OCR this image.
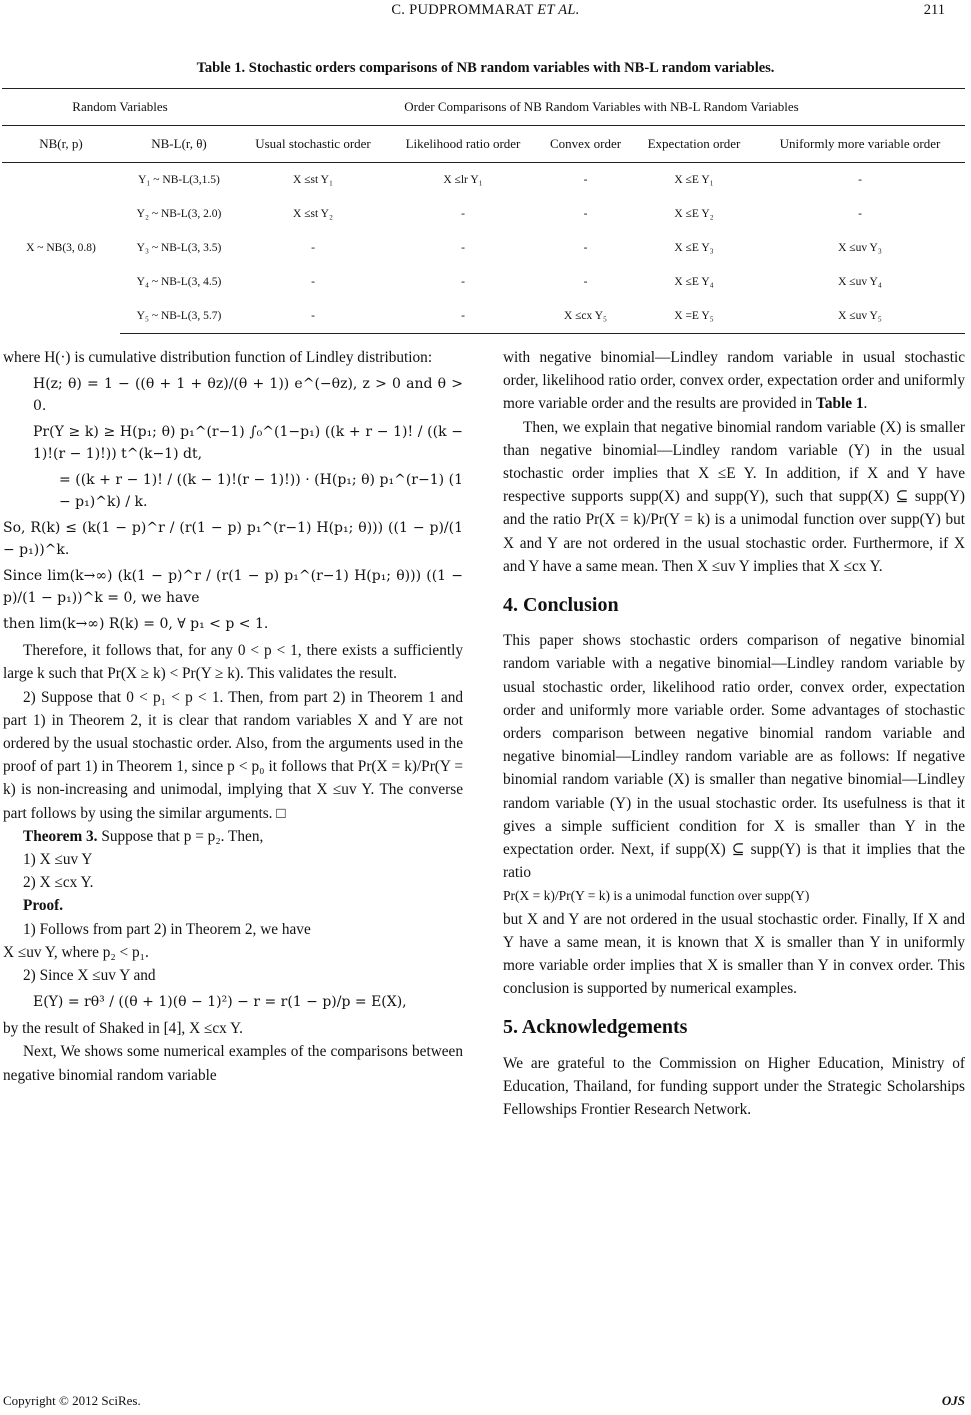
C. PUDPROMMARAT ET AL.	211
Table 1. Stochastic orders comparisons of NB random variables with NB-L random variables.
Random Variables		Order Comparisons of NB Random Variables with NB-L Random Variables				
NB(r, p)	NB-L(r, θ)	Usual stochastic order	Likelihood ratio order	Convex order	Expectation order	Uniformly more variable order
X ~ NB(3, 0.8)	Y₁ ~ NB-L(3,1.5)	X ≤st Y₁	X ≤lr Y₁	-	X ≤E Y₁	-
	Y₂ ~ NB-L(3, 2.0)	X ≤st Y₂	-	-	X ≤E Y₂	-
	Y₃ ~ NB-L(3, 3.5)	-	-	-	X ≤E Y₃	X ≤uv Y₃
	Y₄ ~ NB-L(3, 4.5)	-	-	-	X ≤E Y₄	X ≤uv Y₄
	Y₅ ~ NB-L(3, 5.7)	-	-	X ≤cx Y₅	X =E Y₅	X ≤uv Y₅

where H(·) is cumulative distribution function of Lindley distribution:

H(z; θ) = 1 − ((θ + 1 + θz)/(θ + 1)) e^(−θz), z > 0 and θ > 0.
Pr(Y ≥ k) ≥ H(p₁; θ) p₁^(r−1) ∫₀^(1−p₁) ((k + r − 1)! / ((k − 1)!(r − 1)!)) t^(k−1) dt,
= ((k + r − 1)! / ((k − 1)!(r − 1)!)) · (H(p₁; θ) p₁^(r−1) (1 − p₁)^k) / k.
So, R(k) ≤ (k(1 − p)^r / (r(1 − p) p₁^(r−1) H(p₁; θ))) ((1 − p)/(1 − p₁))^k.
Since lim(k→∞) (k(1 − p)^r / (r(1 − p) p₁^(r−1) H(p₁; θ))) ((1 − p)/(1 − p₁))^k = 0, we have
then lim(k→∞) R(k) = 0, ∀ p₁ < p < 1.

Therefore, it follows that, for any 0 < p < 1, there exists a sufficiently large k such that Pr(X ≥ k) < Pr(Y ≥ k). This validates the result.

2) Suppose that 0 < p₁ < p < 1. Then, from part 2) in Theorem 1 and part 1) in Theorem 2, it is clear that random variables X and Y are not ordered by the usual stochastic order. Also, from the arguments used in the proof of part 1) in Theorem 1, since p < p₀ it follows that Pr(X = k)/Pr(Y = k) is non-increasing and unimodal, implying that X ≤uv Y. The converse part follows by using the similar arguments. □

Theorem 3. Suppose that p = p₂. Then,

1) X ≤uv Y

2) X ≤cx Y.

Proof.

1) Follows from part 2) in Theorem 2, we have

X ≤uv Y, where p₂ < p₁.

2) Since X ≤uv Y and

E(Y) = rθ³ / ((θ + 1)(θ − 1)²) − r = r(1 − p)/p = E(X),

by the result of Shaked in [4], X ≤cx Y.

Next, We shows some numerical examples of the comparisons between negative binomial random variable

with negative binomial—Lindley random variable in usual stochastic order, likelihood ratio order, convex order, expectation order and uniformly more variable order and the results are provided in Table 1.

Then, we explain that negative binomial random variable (X) is smaller than negative binomial—Lindley random variable (Y) in the usual stochastic order implies that X ≤E Y. In addition, if X and Y have respective supports supp(X) and supp(Y), such that supp(X) ⊆ supp(Y) and the ratio Pr(X = k)/Pr(Y = k) is a unimodal function over supp(Y) but X and Y are not ordered in the usual stochastic order. Furthermore, if X and Y have a same mean. Then X ≤uv Y implies that X ≤cx Y.

4. Conclusion

This paper shows stochastic orders comparison of negative binomial random variable with a negative binomial—Lindley random variable by usual stochastic order, likelihood ratio order, convex order, expectation order and uniformly more variable order. Some advantages of stochastic orders comparison between negative binomial random variable and negative binomial—Lindley random variable are as follows: If negative binomial random variable (X) is smaller than negative binomial—Lindley random variable (Y) in the usual stochastic order. Its usefulness is that it gives a simple sufficient condition for X is smaller than Y in the expectation order. Next, if supp(X) ⊆ supp(Y) is that it implies that the ratio

Pr(X = k)/Pr(Y = k) is a unimodal function over supp(Y)

but X and Y are not ordered in the usual stochastic order. Finally, If X and Y have a same mean, it is known that X is smaller than Y in uniformly more variable order implies that X is smaller than Y in convex order. This conclusion is supported by numerical examples.

5. Acknowledgements

We are grateful to the Commission on Higher Education, Ministry of Education, Thailand, for funding support under the Strategic Scholarships Fellowships Frontier Research Network.

Copyright © 2012 SciRes.	OJS
